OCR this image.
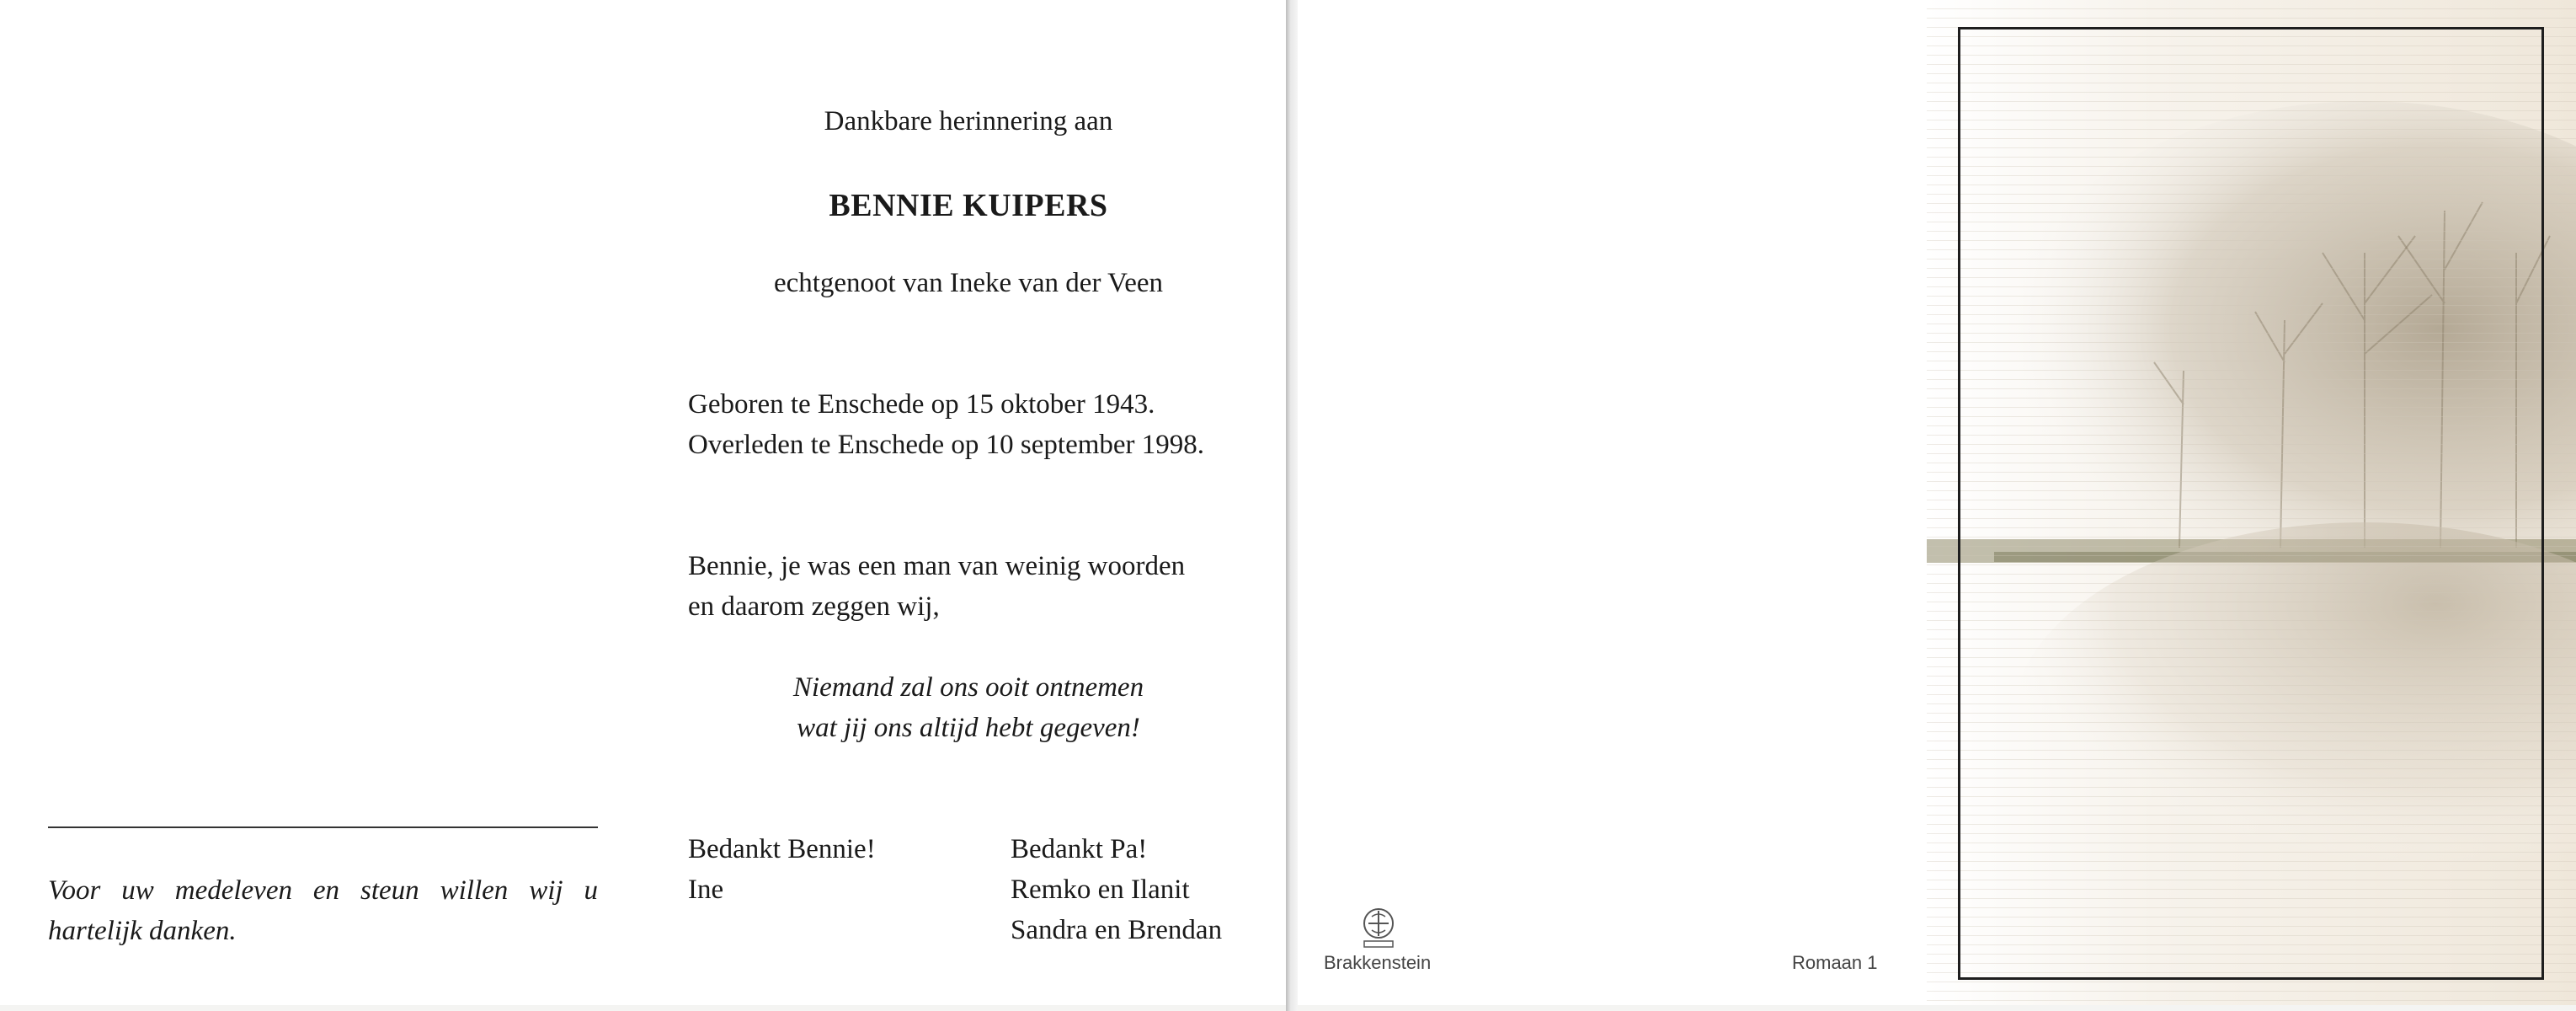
Dankbare herinnering aan
BENNIE KUIPERS
echtgenoot van Ineke van der Veen
Geboren te Enschede op 15 oktober 1943.
Overleden te Enschede op 10 september 1998.
Bennie, je was een man van weinig woorden
en daarom zeggen wij,
Niemand zal ons ooit ontnemen
wat jij ons altijd hebt gegeven!
Bedankt Bennie!
Ine
Bedankt Pa!
Remko en Ilanit
Sandra en Brendan
Voor uw medeleven en steun willen wij u
hartelijk danken.
Brakkenstein	Romaan 1
